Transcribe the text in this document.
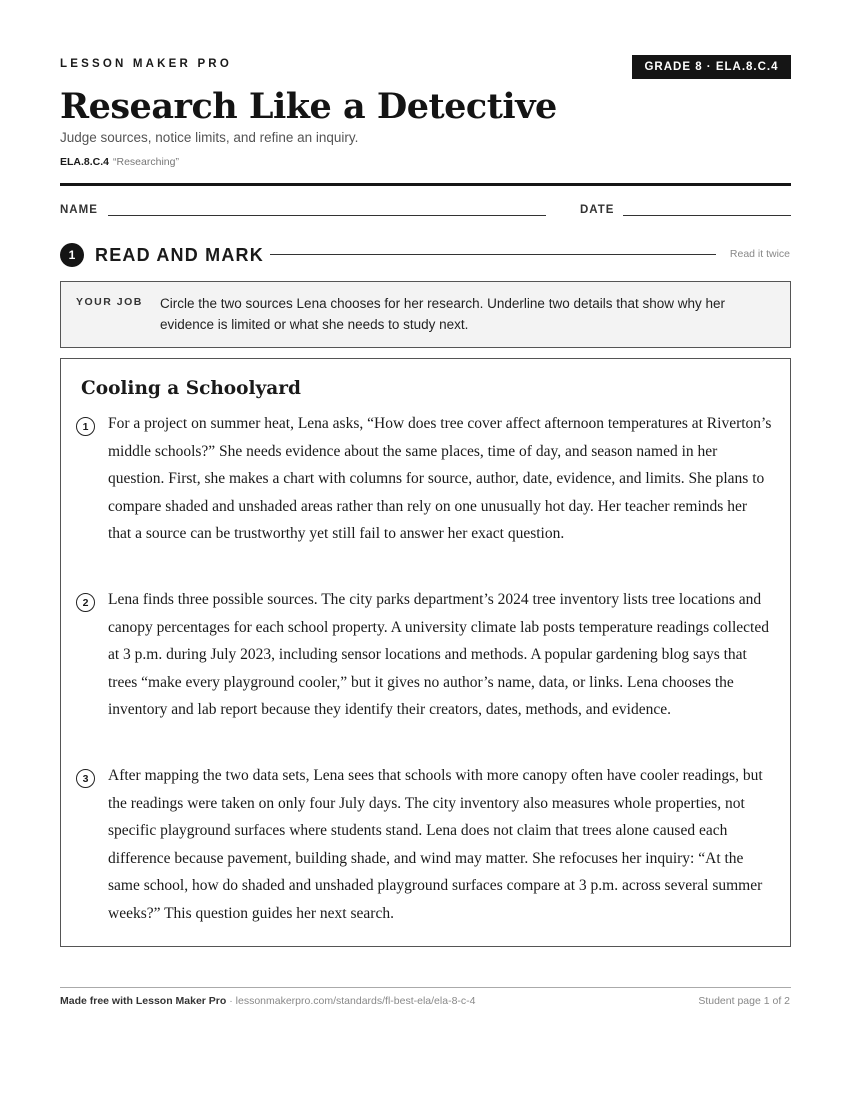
LESSON MAKER PRO	GRADE 8 · ELA.8.C.4
Research Like a Detective
Judge sources, notice limits, and refine an inquiry.
ELA.8.C.4 “Researching”
NAME	DATE
1	READ AND MARK	Read it twice
YOUR JOB Circle the two sources Lena chooses for her research. Underline two details that show why her evidence is limited or what she needs to study next.
Cooling a Schoolyard
1	For a project on summer heat, Lena asks, “How does tree cover affect afternoon temperatures at Riverton’s middle schools?” She needs evidence about the same places, time of day, and season named in her question. First, she makes a chart with columns for source, author, date, evidence, and limits. She plans to compare shaded and unshaded areas rather than rely on one unusually hot day. Her teacher reminds her that a source can be trustworthy yet still fail to answer her exact question.
2	Lena finds three possible sources. The city parks department’s 2024 tree inventory lists tree locations and canopy percentages for each school property. A university climate lab posts temperature readings collected at 3 p.m. during July 2023, including sensor locations and methods. A popular gardening blog says that trees “make every playground cooler,” but it gives no author’s name, data, or links. Lena chooses the inventory and lab report because they identify their creators, dates, methods, and evidence.
3	After mapping the two data sets, Lena sees that schools with more canopy often have cooler readings, but the readings were taken on only four July days. The city inventory also measures whole properties, not specific playground surfaces where students stand. Lena does not claim that trees alone caused each difference because pavement, building shade, and wind may matter. She refocuses her inquiry: “At the same school, how do shaded and unshaded playground surfaces compare at 3 p.m. across several summer weeks?” This question guides her next search.
Made free with Lesson Maker Pro · lessonmakerpro.com/standards/fl-best-ela/ela-8-c-4	Student page 1 of 2
